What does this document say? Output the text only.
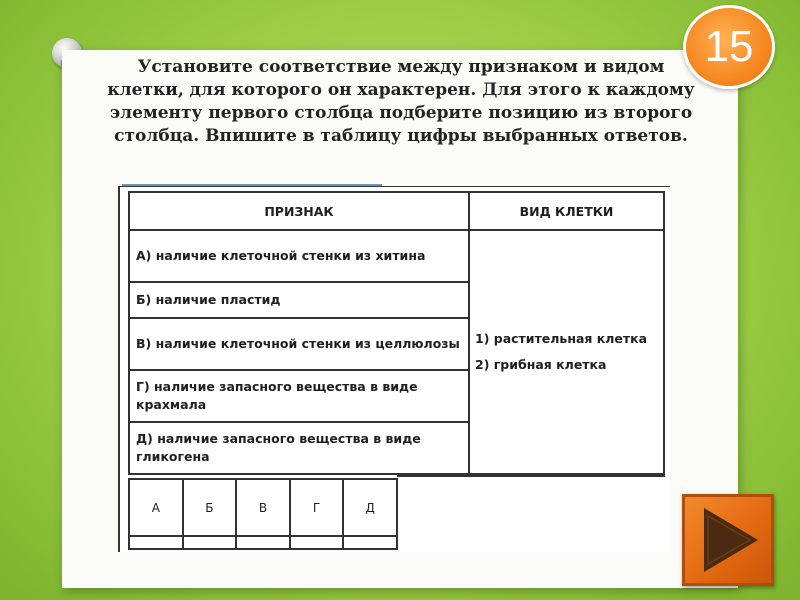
15

Установите соответствие между признаком и видом клетки, для которого он характерен. Для этого к каждому элементу первого столбца подберите позицию из второго столбца. Впишите в таблицу цифры выбранных ответов.

ПРИЗНАК	ВИД КЛЕТКИ
А) наличие клеточной стенки из хитина	1) растительная клетка
2) грибная клетка

Б) наличие пластид	
В) наличие клеточной стенки из целлюлозы	
Г) наличие запасного вещества в виде крахмала	
Д) наличие запасного вещества в виде гликогена	
А	Б	В	Г	Д
